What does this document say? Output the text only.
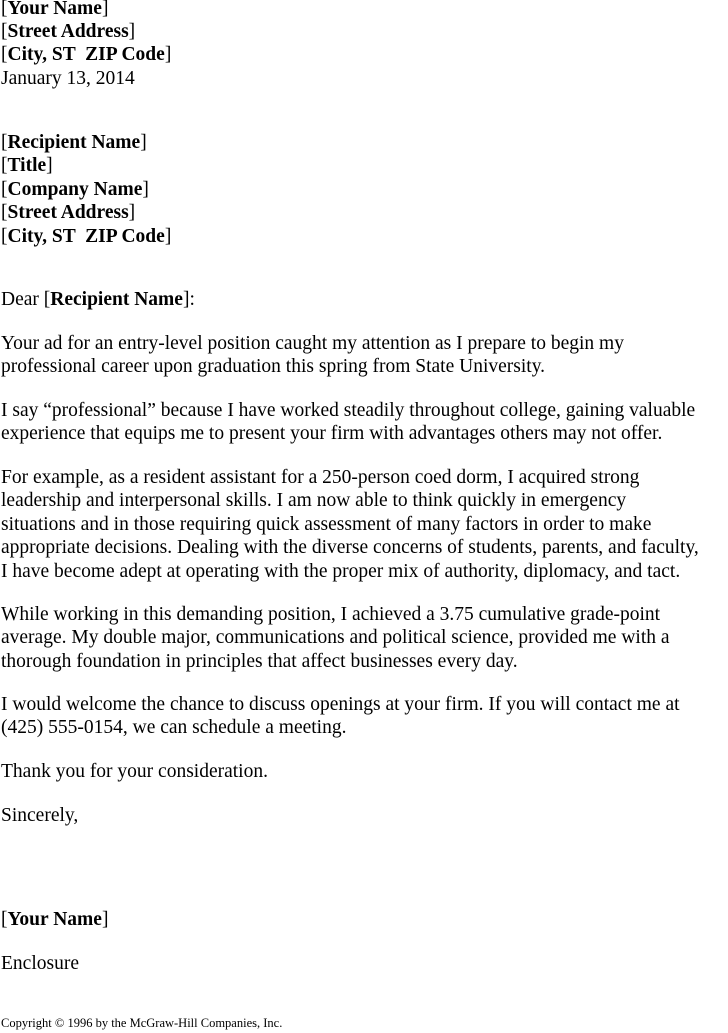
[Your Name]
[Street Address]
[City, ST  ZIP Code]
January 13, 2014
[Recipient Name]
[Title]
[Company Name]
[Street Address]
[City, ST  ZIP Code]
Dear [Recipient Name]:
Your ad for an entry-level position caught my attention as I prepare to begin my
professional career upon graduation this spring from State University.
I say “professional” because I have worked steadily throughout college, gaining valuable
experience that equips me to present your firm with advantages others may not offer.
For example, as a resident assistant for a 250-person coed dorm, I acquired strong
leadership and interpersonal skills. I am now able to think quickly in emergency
situations and in those requiring quick assessment of many factors in order to make
appropriate decisions. Dealing with the diverse concerns of students, parents, and faculty,
I have become adept at operating with the proper mix of authority, diplomacy, and tact.
While working in this demanding position, I achieved a 3.75 cumulative grade-point
average. My double major, communications and political science, provided me with a
thorough foundation in principles that affect businesses every day.
I would welcome the chance to discuss openings at your firm. If you will contact me at
(425) 555-0154, we can schedule a meeting.
Thank you for your consideration.
Sincerely,
[Your Name]
Enclosure
Copyright © 1996 by the McGraw-Hill Companies, Inc.
